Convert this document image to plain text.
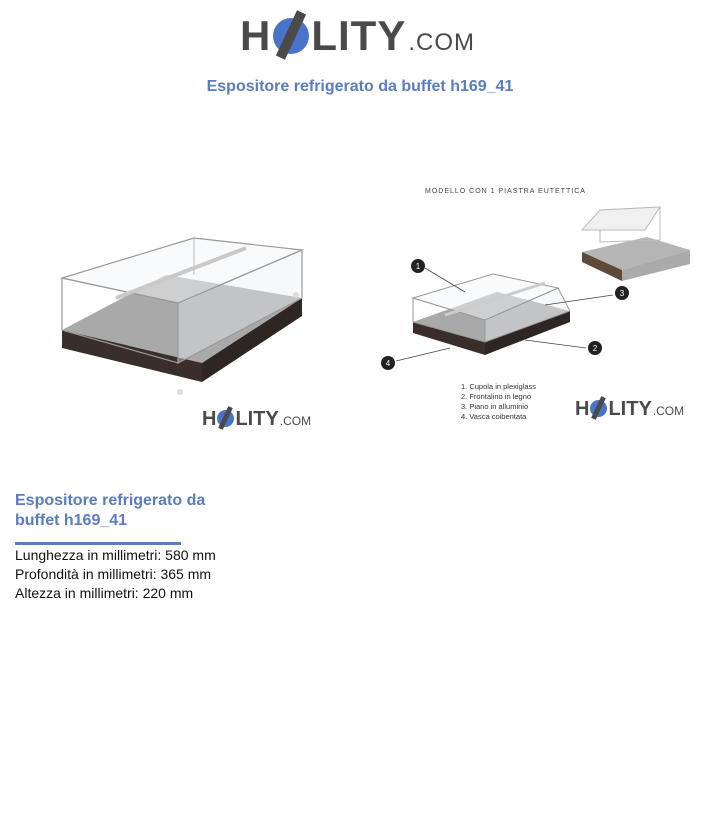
H LITY .COM
Espositore refrigerato da buffet h169_41
H LITY .COM
MODELLO CON 1 PIASTRA EUTETTICA
1
3
2
4
1. Cupola in plexiglass
2. Frontalino in legno
3. Piano in alluminio
4. Vasca coibentata H LITY .COM
Espositore refrigerato da buffet h169_41
Lunghezza in millimetri: 580 mm
Profondità in millimetri: 365 mm
Altezza in millimetri: 220 mm
